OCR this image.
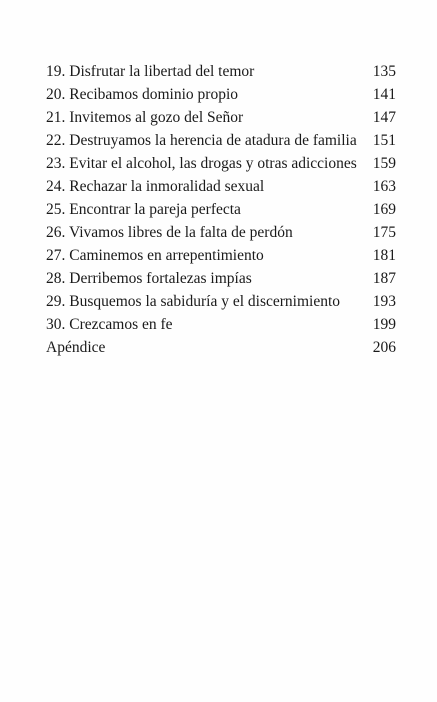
19. Disfrutar la libertad del temor	135
20. Recibamos dominio propio	141
21. Invitemos al gozo del Señor	147
22. Destruyamos la herencia de atadura de familia	151
23. Evitar el alcohol, las drogas y otras adicciones	159
24. Rechazar la inmoralidad sexual	163
25. Encontrar la pareja perfecta	169
26. Vivamos libres de la falta de perdón	175
27. Caminemos en arrepentimiento	181
28. Derribemos fortalezas impías	187
29. Busquemos la sabiduría y el discernimiento	193
30. Crezcamos en fe	199
Apéndice	206
